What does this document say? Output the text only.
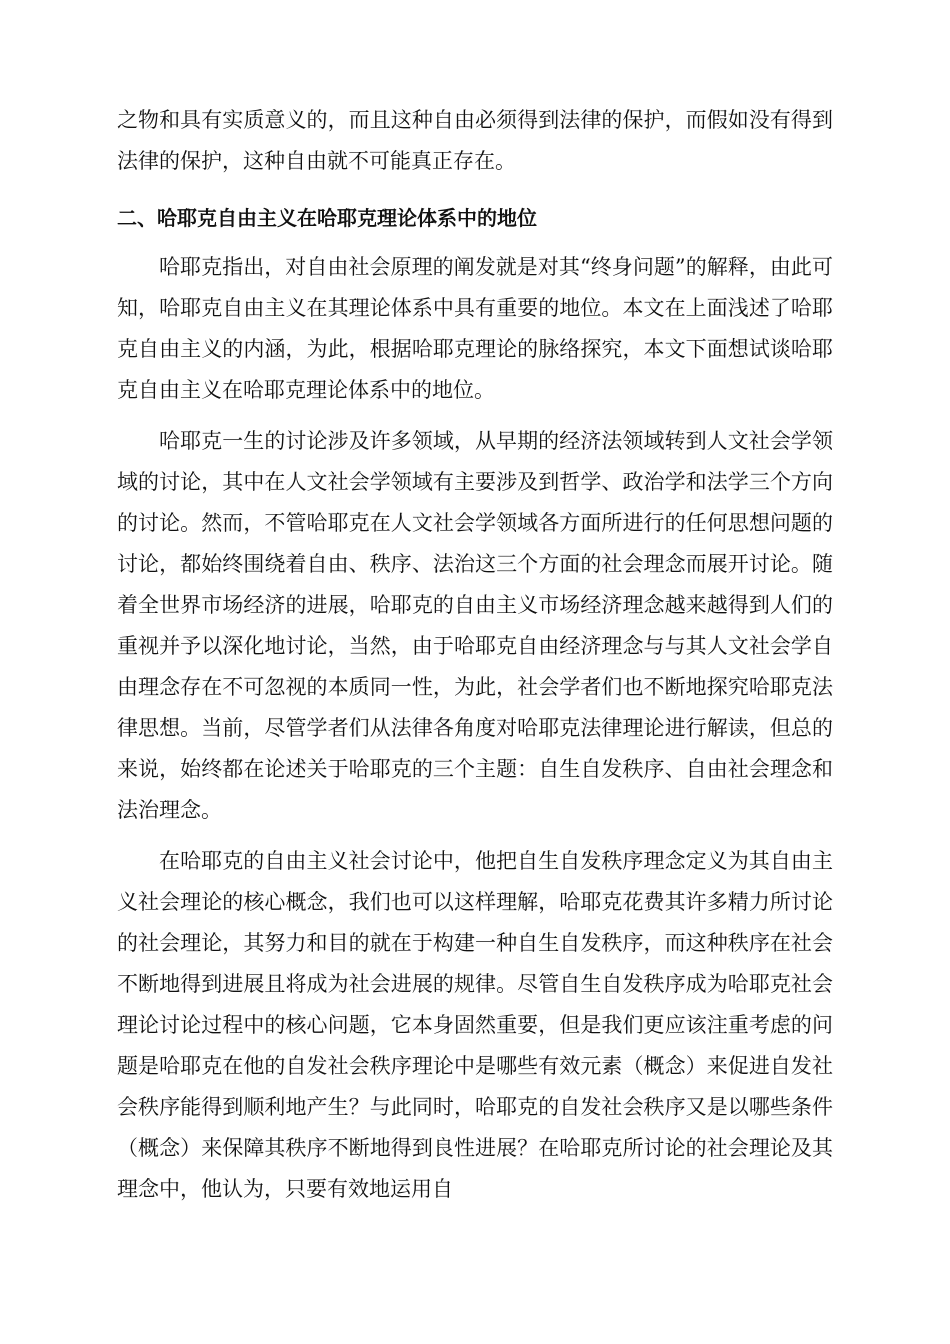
之物和具有实质意义的，而且这种自由必须得到法律的保护，而假如没有得到法律的保护，这种自由就不可能真正存在。

二、哈耶克自由主义在哈耶克理论体系中的地位

哈耶克指出，对自由社会原理的阐发就是对其“终身问题”的解释，由此可知，哈耶克自由主义在其理论体系中具有重要的地位。本文在上面浅述了哈耶克自由主义的内涵，为此，根据哈耶克理论的脉络探究，本文下面想试谈哈耶克自由主义在哈耶克理论体系中的地位。

哈耶克一生的讨论涉及许多领域，从早期的经济法领域转到人文社会学领域的讨论，其中在人文社会学领域有主要涉及到哲学、政治学和法学三个方向的讨论。然而，不管哈耶克在人文社会学领域各方面所进行的任何思想问题的讨论，都始终围绕着自由、秩序、法治这三个方面的社会理念而展开讨论。随着全世界市场经济的进展，哈耶克的自由主义市场经济理念越来越得到人们的重视并予以深化地讨论，当然，由于哈耶克自由经济理念与与其人文社会学自由理念存在不可忽视的本质同一性，为此，社会学者们也不断地探究哈耶克法律思想。当前，尽管学者们从法律各角度对哈耶克法律理论进行解读，但总的来说，始终都在论述关于哈耶克的三个主题：自生自发秩序、自由社会理念和法治理念。

在哈耶克的自由主义社会讨论中，他把自生自发秩序理念定义为其自由主义社会理论的核心概念，我们也可以这样理解，哈耶克花费其许多精力所讨论的社会理论，其努力和目的就在于构建一种自生自发秩序，而这种秩序在社会不断地得到进展且将成为社会进展的规律。尽管自生自发秩序成为哈耶克社会理论讨论过程中的核心问题，它本身固然重要，但是我们更应该注重考虑的问题是哈耶克在他的自发社会秩序理论中是哪些有效元素（概念）来促进自发社会秩序能得到顺利地产生？与此同时，哈耶克的自发社会秩序又是以哪些条件（概念）来保障其秩序不断地得到良性进展？在哈耶克所讨论的社会理论及其理念中，他认为，只要有效地运用自
